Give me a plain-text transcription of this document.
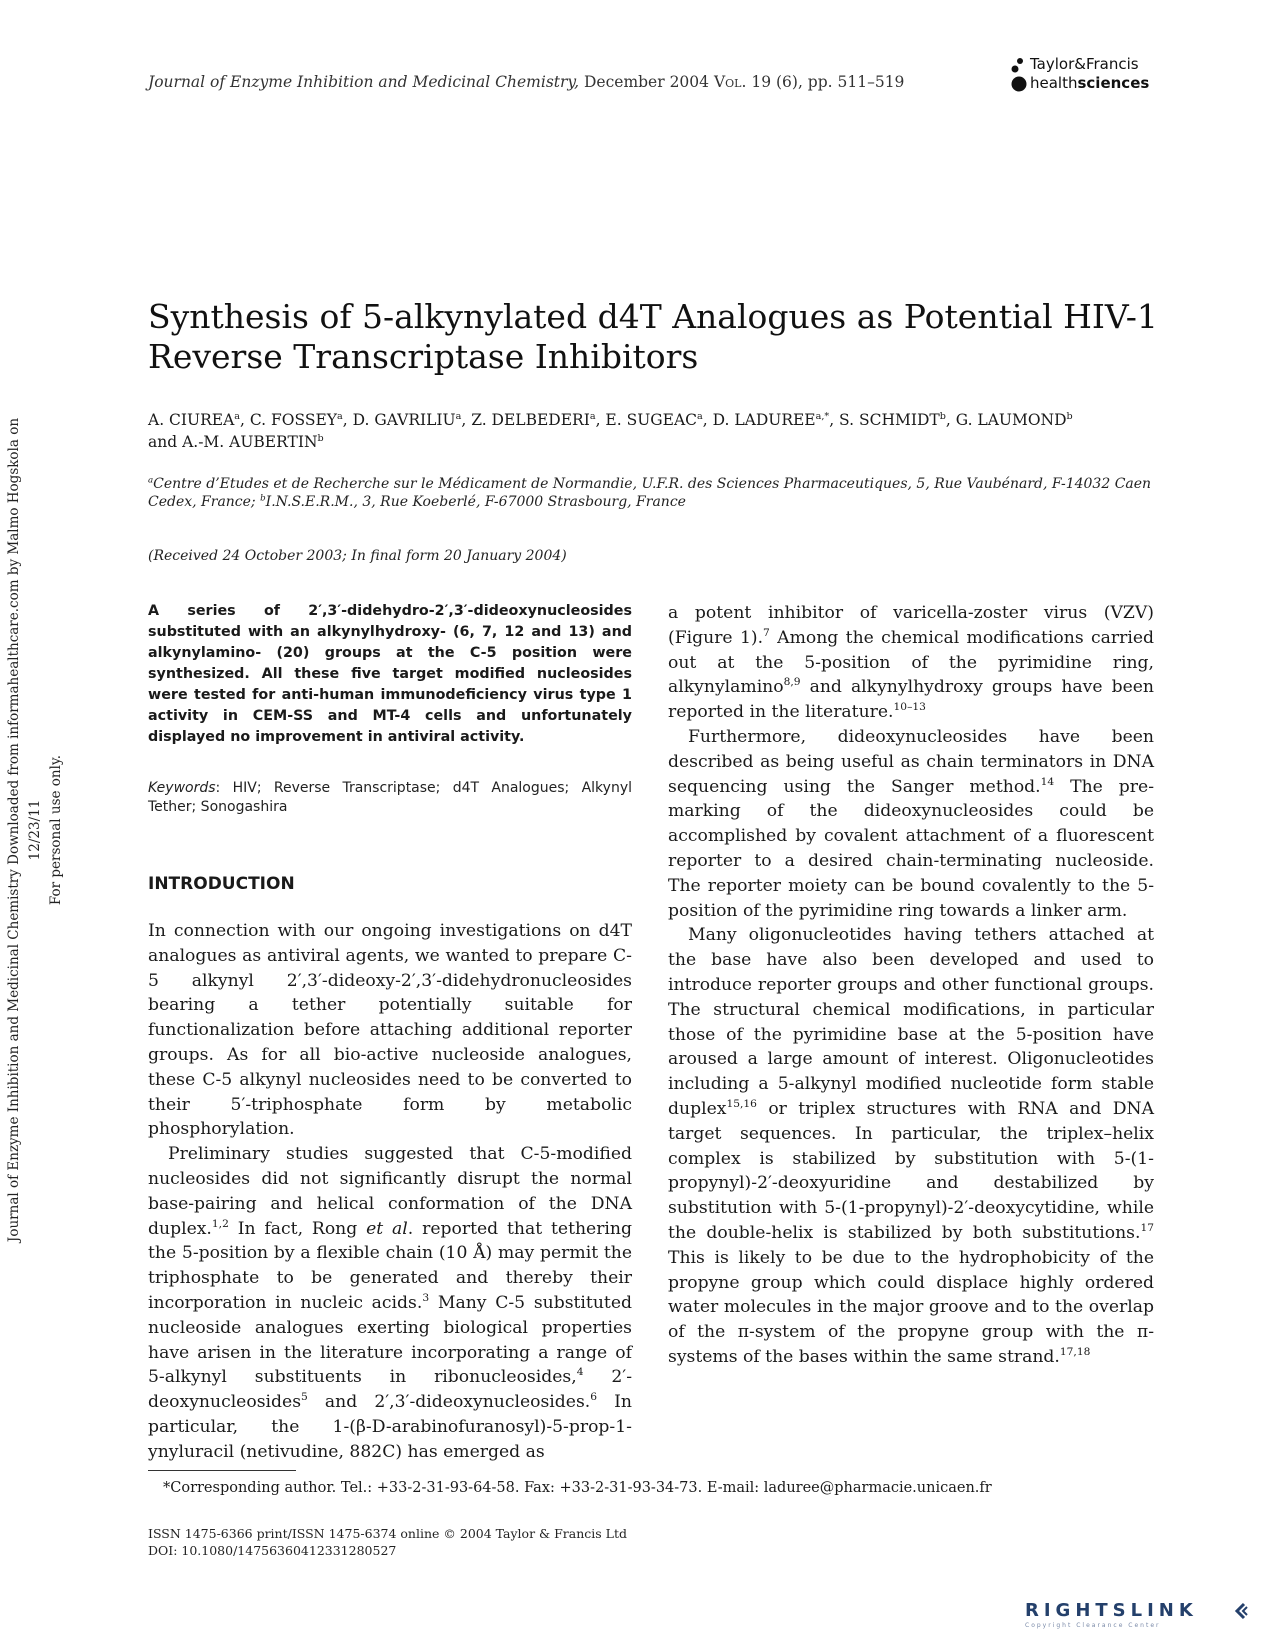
Journal of Enzyme Inhibition and Medicinal Chemistry, December 2004 Vol. 19 (6), pp. 511–519
Taylor&Francis
healthsciences
Journal of Enzyme Inhibition and Medicinal Chemistry Downloaded from informahealthcare.com by Malmo Hogskola on 12/23/11 For personal use only.
Synthesis of 5-alkynylated d4T Analogues as Potential HIV-1
Reverse Transcriptase Inhibitors
A. CIUREA$^a$, C. FOSSEY$^a$, D. GAVRILIU$^a$, Z. DELBEDERI$^a$, E. SUGEAC$^a$, D. $LADUREE^{a,*}$, S. SCHMIDT$^b$, G. LAUMOND$^b$
and A.-M. AUBERTIN$^b$
$^a$Centre d’Etudes et de Recherche sur le Médicament de Normandie, U.F.R. des Sciences Pharmaceutiques, 5, Rue Vaubénard, F-14032 Caen Cedex, France; $^b$I.N.S.E.R.M., 3, Rue Koeberlé, F-67000 Strasbourg, France
(Received 24 October 2003; In final form 20 January 2004)
A series of 2′,3′-didehydro-2′,3′-dideoxynucleosides substituted with an alkynylhydroxy- (6, 7, 12 and 13) and alkynylamino- (20) groups at the C-5 position were synthesized. All these five target modified nucleosides were tested for anti-human immunodeficiency virus type 1 activity in CEM-SS and MT-4 cells and unfortunately displayed no improvement in antiviral activity.
Keywords: HIV; Reverse Transcriptase; d4T Analogues; Alkynyl Tether; Sonogashira
INTRODUCTION

In connection with our ongoing investigations on d4T analogues as antiviral agents, we wanted to prepare C-5 alkynyl 2′,3′-dideoxy-2′,3′-didehydronucleosides bearing a tether potentially suitable for functionalization before attaching additional reporter groups. As for all bio-active nucleoside analogues, these C-5 alkynyl nucleosides need to be converted to their 5′-triphosphate form by metabolic phosphorylation.

Preliminary studies suggested that C-5-modified nucleosides did not significantly disrupt the normal base-pairing and helical conformation of the DNA duplex.$^{1,2}$ In fact, Rong et al. reported that tethering the 5-position by a flexible chain (10 Å) may permit the triphosphate to be generated and thereby their incorporation in nucleic acids.$^3$ Many C-5 substituted nucleoside analogues exerting biological properties have arisen in the literature incorporating a range of 5-alkynyl substituents in ribonucleosides,$^4$ 2′-deoxynucleosides$^5$ and 2′,3′-dideoxynucleosides.$^6$ In particular, the 1-(β-D-arabinofuranosyl)-5-prop-1-ynyluracil (netivudine, 882C) has emerged as

a potent inhibitor of varicella-zoster virus (VZV) (Figure 1).$^7$ Among the chemical modifications carried out at the 5-position of the pyrimidine ring, alkynylamino$^{8,9}$ and alkynylhydroxy groups have been reported in the literature.$^{10-13}$

Furthermore, dideoxynucleosides have been described as being useful as chain terminators in DNA sequencing using the Sanger method.$^{14}$ The pre-marking of the dideoxynucleosides could be accomplished by covalent attachment of a fluorescent reporter to a desired chain-terminating nucleoside. The reporter moiety can be bound covalently to the 5-position of the pyrimidine ring towards a linker arm.

Many oligonucleotides having tethers attached at the base have also been developed and used to introduce reporter groups and other functional groups. The structural chemical modifications, in particular those of the pyrimidine base at the 5-position have aroused a large amount of interest. Oligonucleotides including a 5-alkynyl modified nucleotide form stable duplex$^{15,16}$ or triplex structures with RNA and DNA target sequences. In particular, the triplex–helix complex is stabilized by substitution with 5-(1-propynyl)-2′-deoxyuridine and destabilized by substitution with 5-(1-propynyl)-2′-deoxycytidine, while the double-helix is stabilized by both substitutions.$^{17}$ This is likely to be due to the hydrophobicity of the propyne group which could displace highly ordered water molecules in the major groove and to the overlap of the π-system of the propyne group with the π-systems of the bases within the same strand.$^{17,18}$

*Corresponding author. Tel.: +33-2-31-93-64-58. Fax: +33-2-31-93-34-73. E-mail: laduree@pharmacie.unicaen.fr
ISSN 1475-6366 print/ISSN 1475-6374 online © 2004 Taylor & Francis Ltd
DOI: 10.1080/14756360412331280527
RIGHTSLINK
Copyright Clearance Center
